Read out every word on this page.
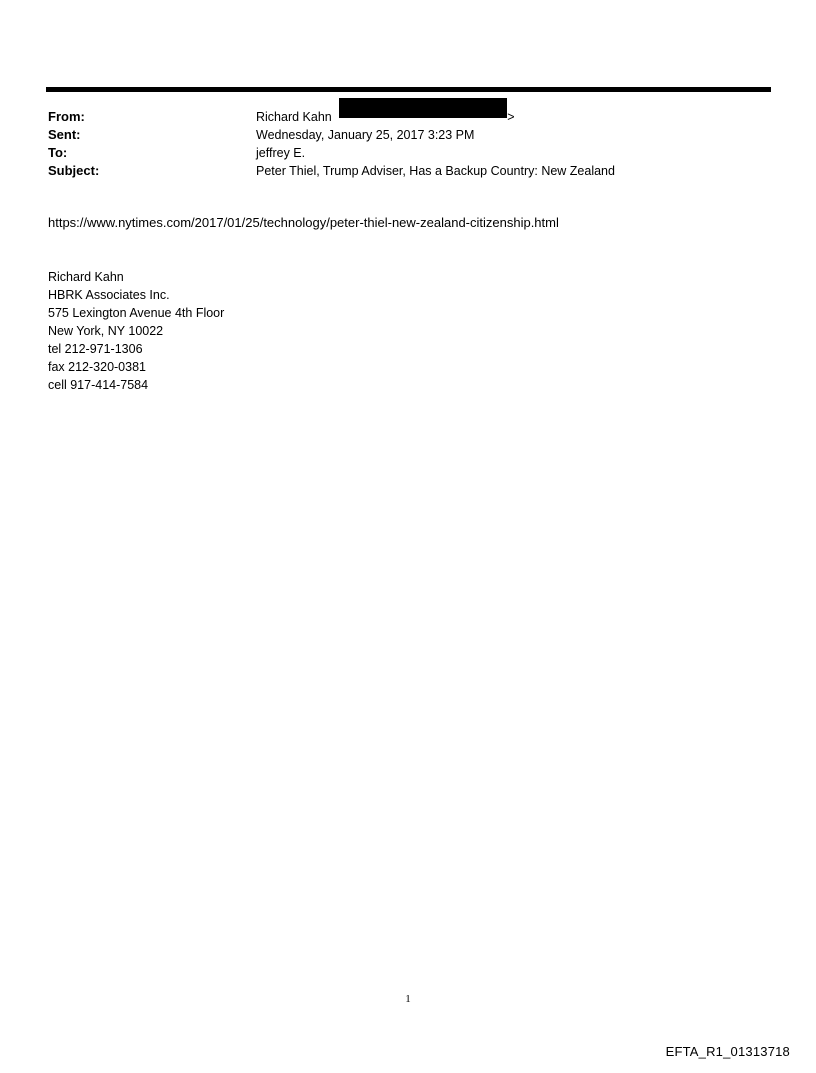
From:	Richard Kahn	>
Sent:	Wednesday, January 25, 2017 3:23 PM
To:	jeffrey E.
Subject:	Peter Thiel, Trump Adviser, Has a Backup Country: New Zealand
https://www.nytimes.com/2017/01/25/technology/peter-thiel-new-zealand-citizenship.html
Richard Kahn
HBRK Associates Inc.
575 Lexington Avenue 4th Floor
New York, NY 10022
tel 212-971-1306
fax 212-320-0381
cell 917-414-7584
1
EFTA_R1_01313718
